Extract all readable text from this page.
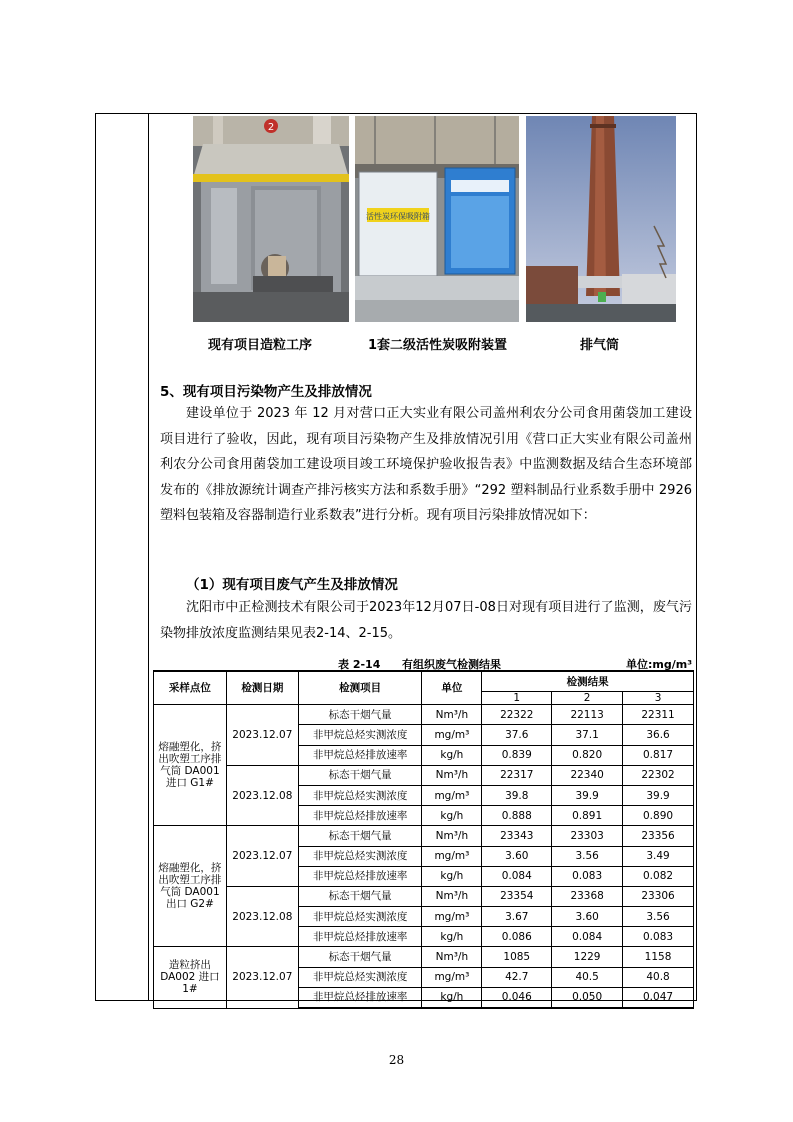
2
活性炭环保吸附箱
现有项目造粒工序	1套二级活性炭吸附装置	排气筒
5、现有项目污染物产生及排放情况
建设单位于 2023 年 12 月对营口正大实业有限公司盖州利农分公司食用菌袋加工建设项目进行了验收，因此，现有项目污染物产生及排放情况引用《营口正大实业有限公司盖州利农分公司食用菌袋加工建设项目竣工环境保护验收报告表》中监测数据及结合生态环境部发布的《排放源统计调查产排污核实方法和系数手册》“292 塑料制品行业系数手册中 2926 塑料包装箱及容器制造行业系数表”进行分析。现有项目污染排放情况如下：
（1）现有项目废气产生及排放情况
沈阳市中正检测技术有限公司于2023年12月07日-08日对现有项目进行了监测，废气污染物排放浓度监测结果见表2-14、2-15。
表 2-14 有组织废气检测结果	单位:mg/m³
采样点位	检测日期	检测项目	单位	检测结果		
				1	2	3
熔融塑化，挤出吹塑工序排气筒 DA001 进口 G1#	2023.12.07	标态干烟气量	Nm³/h	22322	22113	22311
		非甲烷总烃实测浓度	mg/m³	37.6	37.1	36.6
		非甲烷总烃排放速率	kg/h	0.839	0.820	0.817
	2023.12.08	标态干烟气量	Nm³/h	22317	22340	22302
		非甲烷总烃实测浓度	mg/m³	39.8	39.9	39.9
		非甲烷总烃排放速率	kg/h	0.888	0.891	0.890
熔融塑化，挤出吹塑工序排气筒 DA001 出口 G2#	2023.12.07	标态干烟气量	Nm³/h	23343	23303	23356
		非甲烷总烃实测浓度	mg/m³	3.60	3.56	3.49
		非甲烷总烃排放速率	kg/h	0.084	0.083	0.082
	2023.12.08	标态干烟气量	Nm³/h	23354	23368	23306
		非甲烷总烃实测浓度	mg/m³	3.67	3.60	3.56
		非甲烷总烃排放速率	kg/h	0.086	0.084	0.083
造粒挤出 DA002 进口 1#	2023.12.07	标态干烟气量	Nm³/h	1085	1229	1158
		非甲烷总烃实测浓度	mg/m³	42.7	40.5	40.8
		非甲烷总烃排放速率	kg/h	0.046	0.050	0.047
28
